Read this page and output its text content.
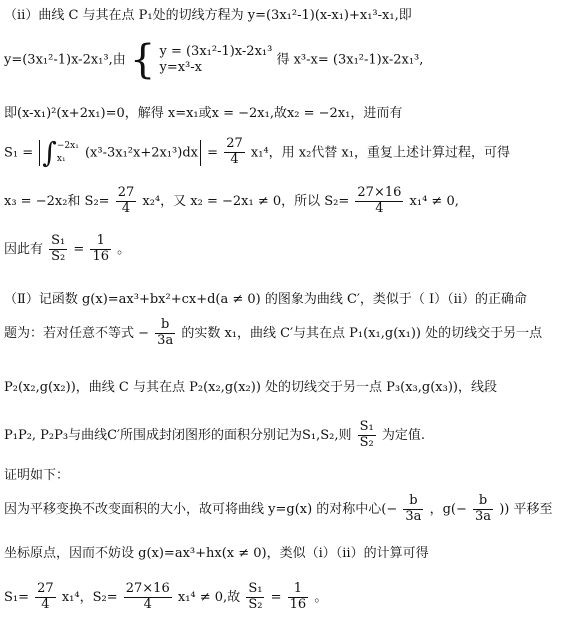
（ⅱ）曲线 C 与其在点 P₁处的切线方程为 y=(3x₁²-1)(x-x₁)+x₁³-x₁,即
y=(3x₁²-1)x-2x₁³,由 { y = (3x₁²-1)x-2x₁³
y=x³-x	得 x³-x= (3x₁²-1)x-2x₁³,
即(x-x₁)²(x+2x₁)=0，解得 x=x₁或x = −2x₁,故x₂ = −2x₁，进而有
S₁ = ∫ −2x₁
x₁	$(x^3-3x_1^2x+2x_1^3)dx = \frac{27}{4} x_1^4$，用 x₂代替 x₁，重复上述计算过程，可得
x₃ = −2x₂和 $S_2= \frac{27}{4} x_2^4$，又 x₂ = −2x₁ ≠ 0，所以 $S_2= \frac{27\times 16}{4} x_1^4 \ne 0$,
因此有 $\frac{\text{S₁}}{\text{S₂}} = \frac{1}{16}$ 。
（Ⅱ）记函数 g(x)=ax³+bx²+cx+d(a ≠ 0) 的图象为曲线 C′，类似于（ Ⅰ）（ⅱ）的正确命
题为：若对任意不等式 − $\frac{b}{3a}$ 的实数 x₁，曲线 C′与其在点 P₁(x₁,g(x₁)) 处的切线交于另一点
P₂(x₂,g(x₂))，曲线 C 与其在点 P₂(x₂,g(x₂)) 处的切线交于另一点 P₃(x₃,g(x₃))，线段
P₁P₂, P₂P₃与曲线C′所围成封闭图形的面积分别记为S₁,S₂,则 $\frac{\text{S₁}}{\text{S₂}}$ 为定值.
证明如下：
因为平移变换不改变面积的大小，故可将曲线 y=g(x) 的对称中心(− $\frac{b}{3a}$ ，$g(- \frac{b}{3a}$ )) 平移至
坐标原点，因而不妨设 g(x)=ax³+hx(x ≠ 0)，类似（ⅰ）（ⅱ）的计算可得
$S_1= \frac{27}{4} x_1^4$，$S_2= \frac{27\times 16}{4} x_1^4 \ne 0$,故 $\frac{\text{S₁}}{\text{S₂}} = \frac{1}{16}$ 。
